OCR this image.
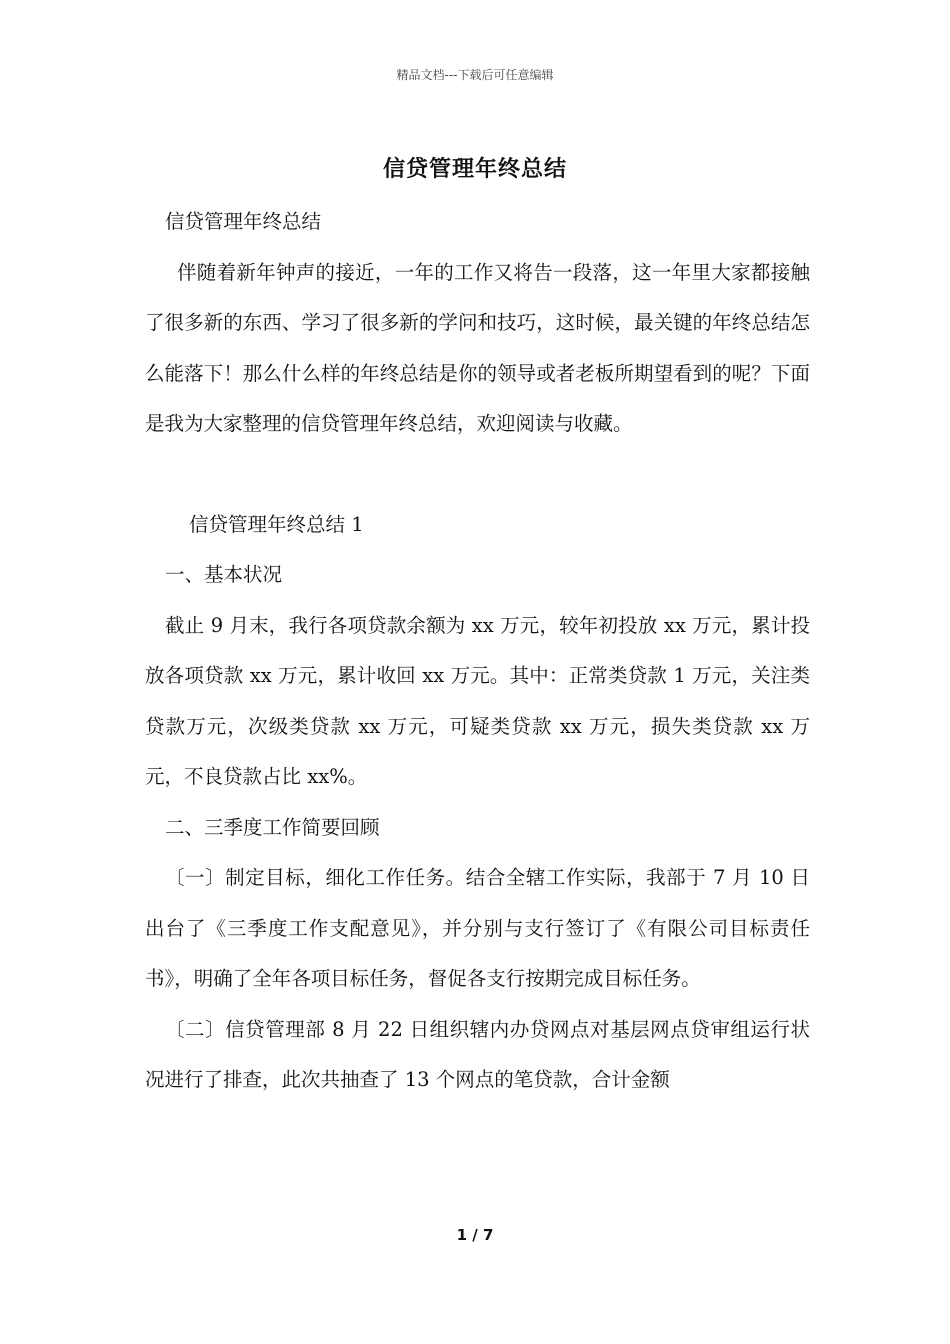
精品文档---下载后可任意编辑
信贷管理年终总结

信贷管理年终总结

伴随着新年钟声的接近，一年的工作又将告一段落，这一年里大家都接触了很多新的东西、学习了很多新的学问和技巧，这时候，最关键的年终总结怎么能落下！那么什么样的年终总结是你的领导或者老板所期望看到的呢？下面是我为大家整理的信贷管理年终总结，欢迎阅读与收藏。

信贷管理年终总结 1

一、基本状况

截止 9 月末，我行各项贷款余额为 xx 万元，较年初投放 xx 万元，累计投放各项贷款 xx 万元，累计收回 xx 万元。其中：正常类贷款 1 万元，关注类贷款万元，次级类贷款 xx 万元，可疑类贷款 xx 万元，损失类贷款 xx 万元，不良贷款占比 xx%。

二、三季度工作简要回顾

〔一〕制定目标，细化工作任务。结合全辖工作实际，我部于 7 月 10 日出台了《三季度工作支配意见》，并分别与支行签订了《有限公司目标责任书》，明确了全年各项目标任务，督促各支行按期完成目标任务。

〔二〕信贷管理部 8 月 22 日组织辖内办贷网点对基层网点贷审组运行状况进行了排查，此次共抽查了 13 个网点的笔贷款，合计金额

1 / 7
